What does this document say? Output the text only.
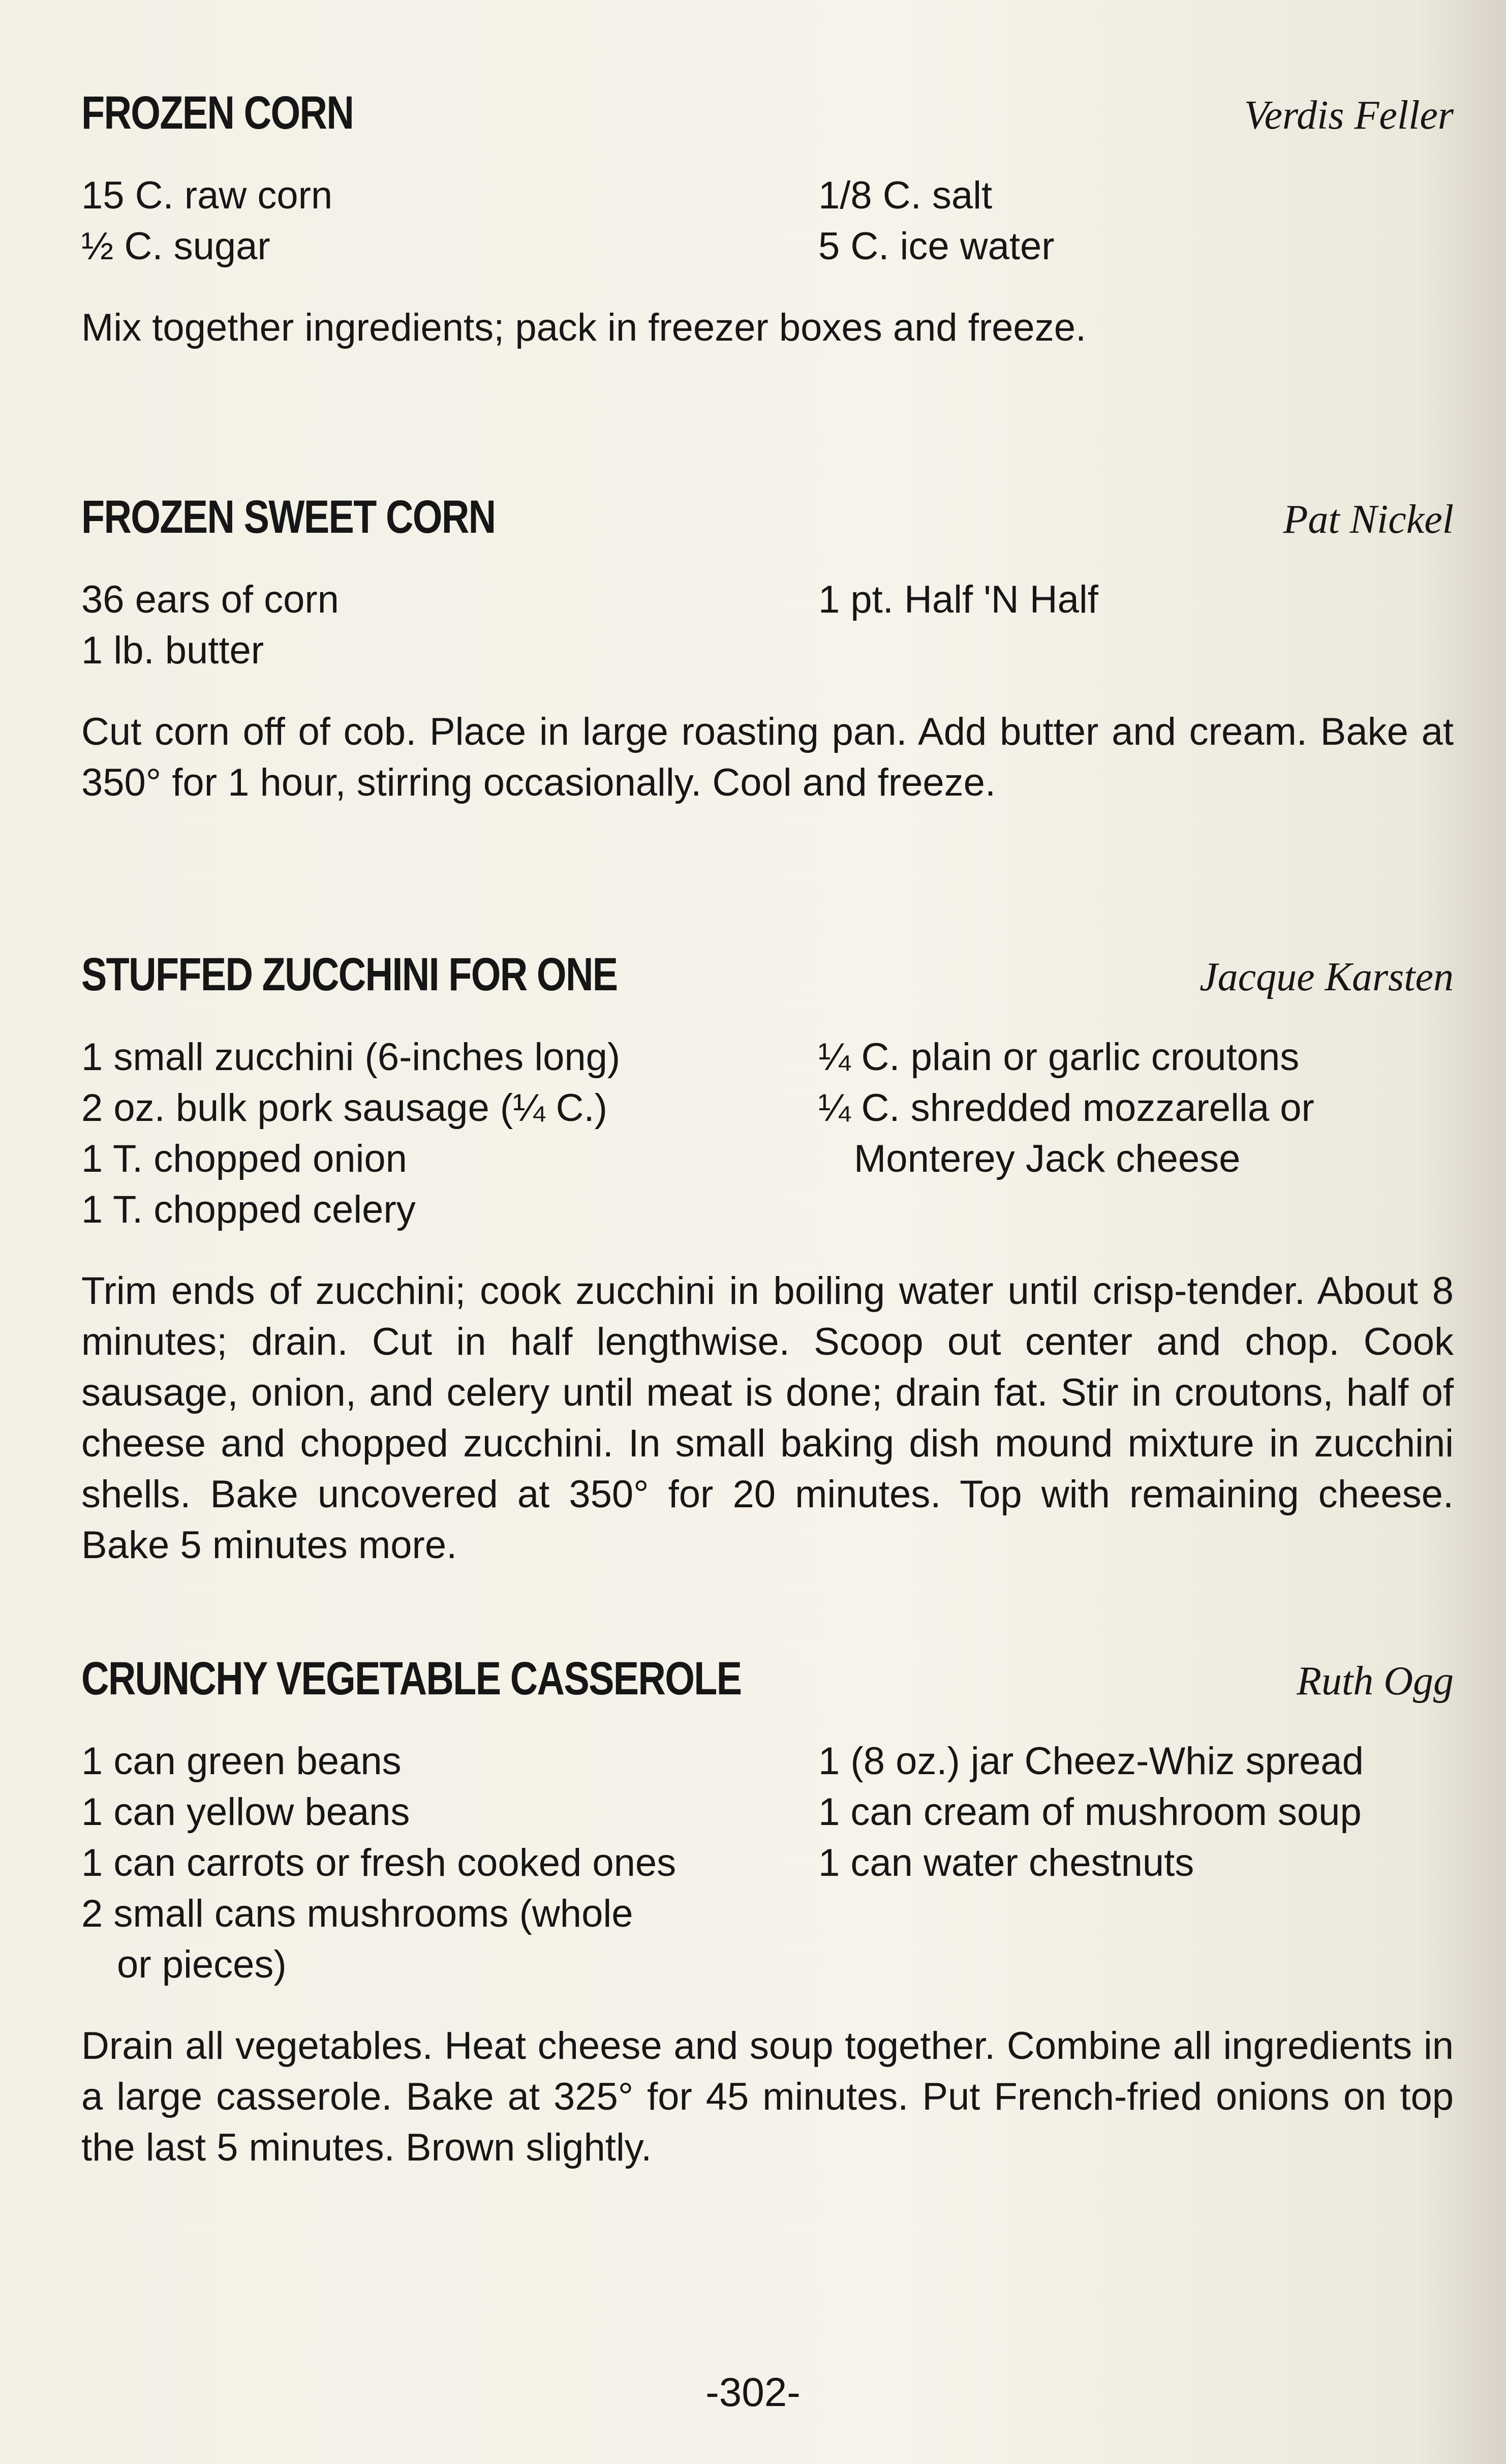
FROZEN CORN	Verdis Feller
15 C. raw corn	1/8 C. salt
½ C. sugar	5 C. ice water
Mix together ingredients; pack in freezer boxes and freeze.
FROZEN SWEET CORN	Pat Nickel
36 ears of corn	1 pt. Half 'N Half
1 lb. butter
Cut corn off of cob. Place in large roasting pan. Add butter and cream. Bake at 350° for 1 hour, stirring occasionally. Cool and freeze.
STUFFED ZUCCHINI FOR ONE	Jacque Karsten
1 small zucchini (6-inches long)	¼ C. plain or garlic croutons
2 oz. bulk pork sausage (¼ C.)	¼ C. shredded mozzarella or
1 T. chopped onion	Monterey Jack cheese
1 T. chopped celery
Trim ends of zucchini; cook zucchini in boiling water until crisp-tender. About 8 minutes; drain. Cut in half lengthwise. Scoop out center and chop. Cook sausage, onion, and celery until meat is done; drain fat. Stir in croutons, half of cheese and chopped zucchini. In small baking dish mound mixture in zucchini shells. Bake uncovered at 350° for 20 minutes. Top with remaining cheese. Bake 5 minutes more.
CRUNCHY VEGETABLE CASSEROLE	Ruth Ogg
1 can green beans	1 (8 oz.) jar Cheez-Whiz spread
1 can yellow beans	1 can cream of mushroom soup
1 can carrots or fresh cooked ones	1 can water chestnuts
2 small cans mushrooms (whole
or pieces)
Drain all vegetables. Heat cheese and soup together. Combine all ingredients in a large casserole. Bake at 325° for 45 minutes. Put French-fried onions on top the last 5 minutes. Brown slightly.
-302-
